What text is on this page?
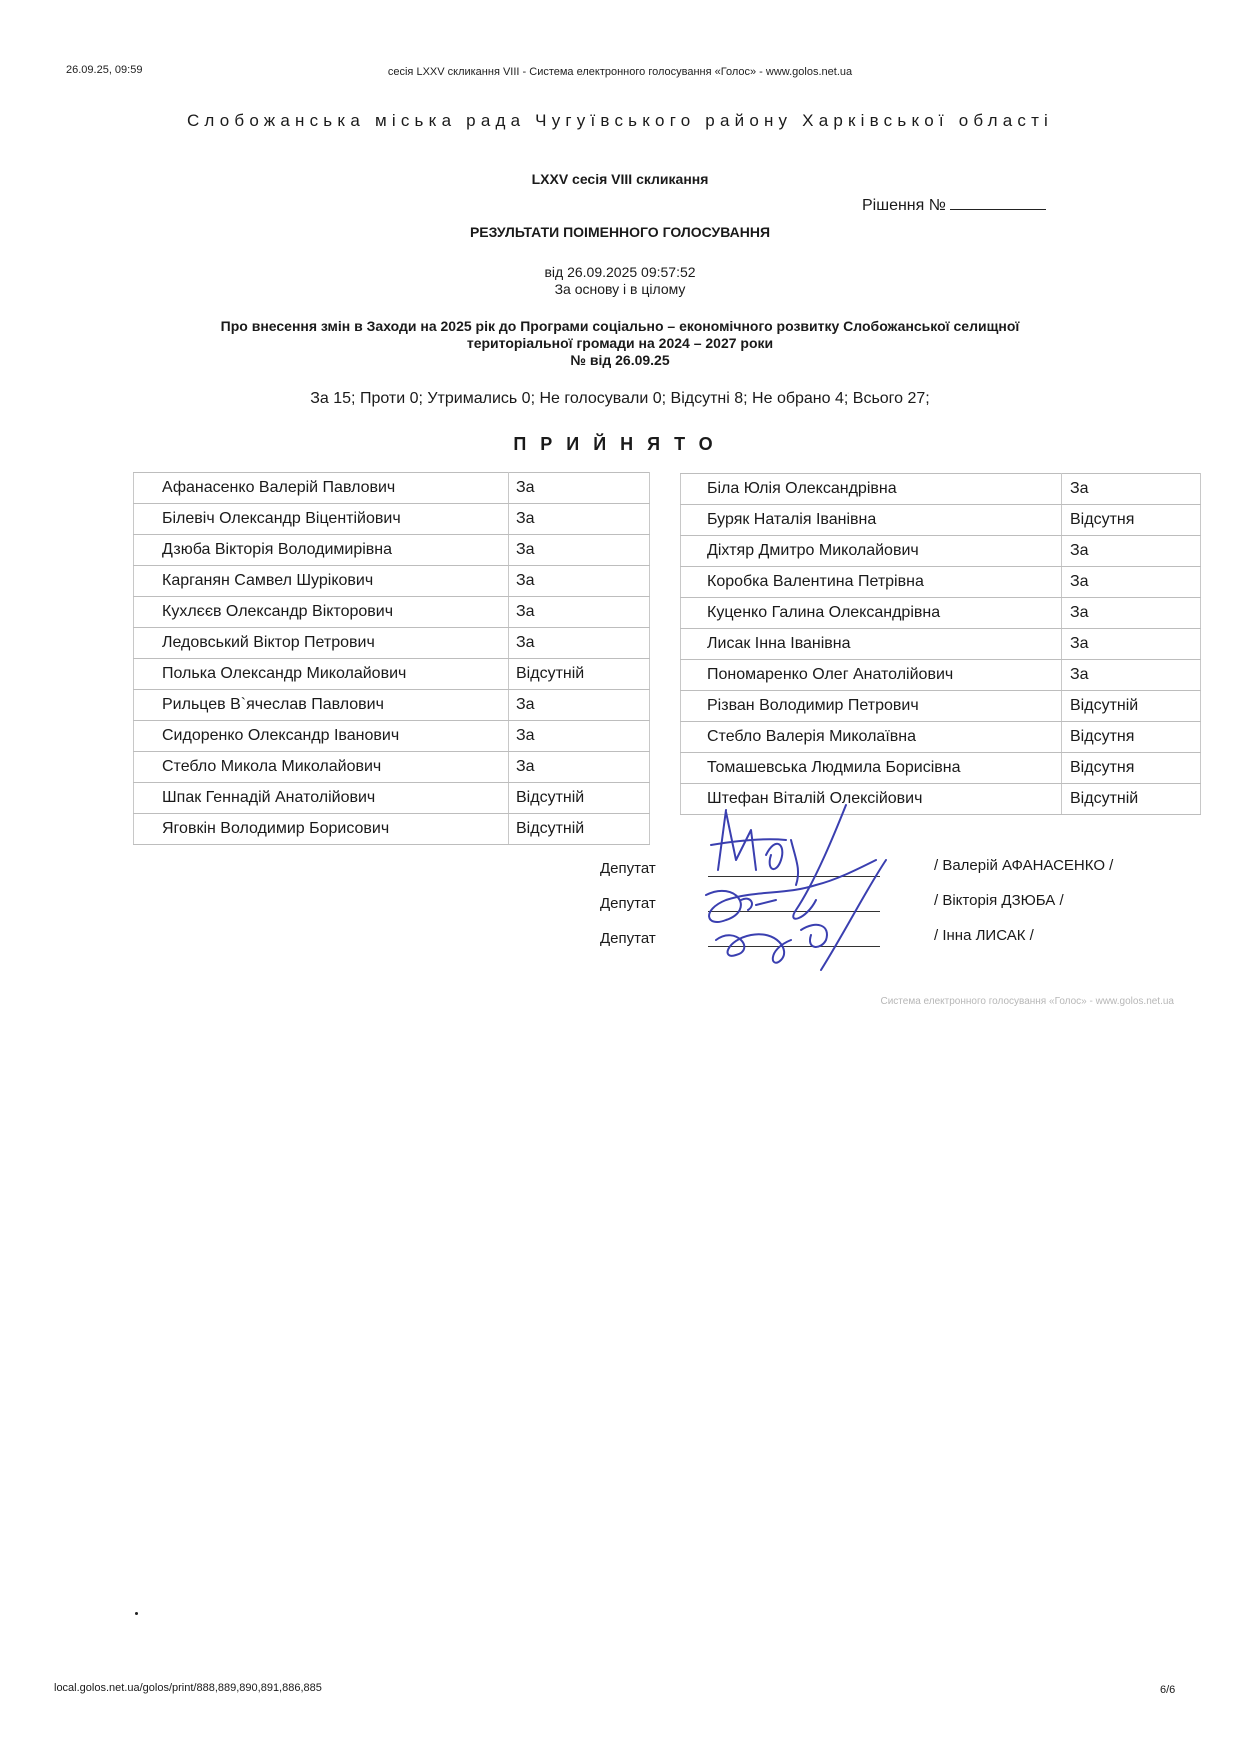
26.09.25, 09:59	сесія LXXV скликання VIII - Система електронного голосування «Голос» - www.golos.net.ua
Слобожанська міська рада Чугуївського району Харківської області
LXXV сесія VIII скликання
Рішення №
РЕЗУЛЬТАТИ ПОІМЕННОГО ГОЛОСУВАННЯ
від 26.09.2025 09:57:52
За основу і в цілому
Про внесення змін в Заходи на 2025 рік до Програми соціально – економічного розвитку Слобожанської селищної
територіальної громади на 2024 – 2027 роки
№ від 26.09.25
За 15; Проти 0; Утримались 0; Не голосували 0; Відсутні 8; Не обрано 4; Всього 27;
ПРИЙНЯТО
Афанасенко Валерій Павлович	За
Білевіч Олександр Віцентійович	За
Дзюба Вікторія Володимирівна	За
Карганян Самвел Шурікович	За
Кухлєєв Олександр Вікторович	За
Ледовський Віктор Петрович	За
Полька Олександр Миколайович	Відсутній
Рильцев В`ячеслав Павлович	За
Сидоренко Олександр Іванович	За
Стебло Микола Миколайович	За
Шпак Геннадій Анатолійович	Відсутній
Яговкін Володимир Борисович	Відсутній
Біла Юлія Олександрівна	За
Буряк Наталія Іванівна	Відсутня
Діхтяр Дмитро Миколайович	За
Коробка Валентина Петрівна	За
Куценко Галина Олександрівна	За
Лисак Інна Іванівна	За
Пономаренко Олег Анатолійович	За
Різван Володимир Петрович	Відсутній
Стебло Валерія Миколаївна	Відсутня
Томашевська Людмила Борисівна	Відсутня
Штефан Віталій Олексійович	Відсутній
Депутат
Депутат
Депутат
/ Валерій АФАНАСЕНКО /
/ Вікторія ДЗЮБА /
/ Інна ЛИСАК /
Система електронного голосування «Голос» - www.golos.net.ua
local.golos.net.ua/golos/print/888,889,890,891,886,885	6/6
